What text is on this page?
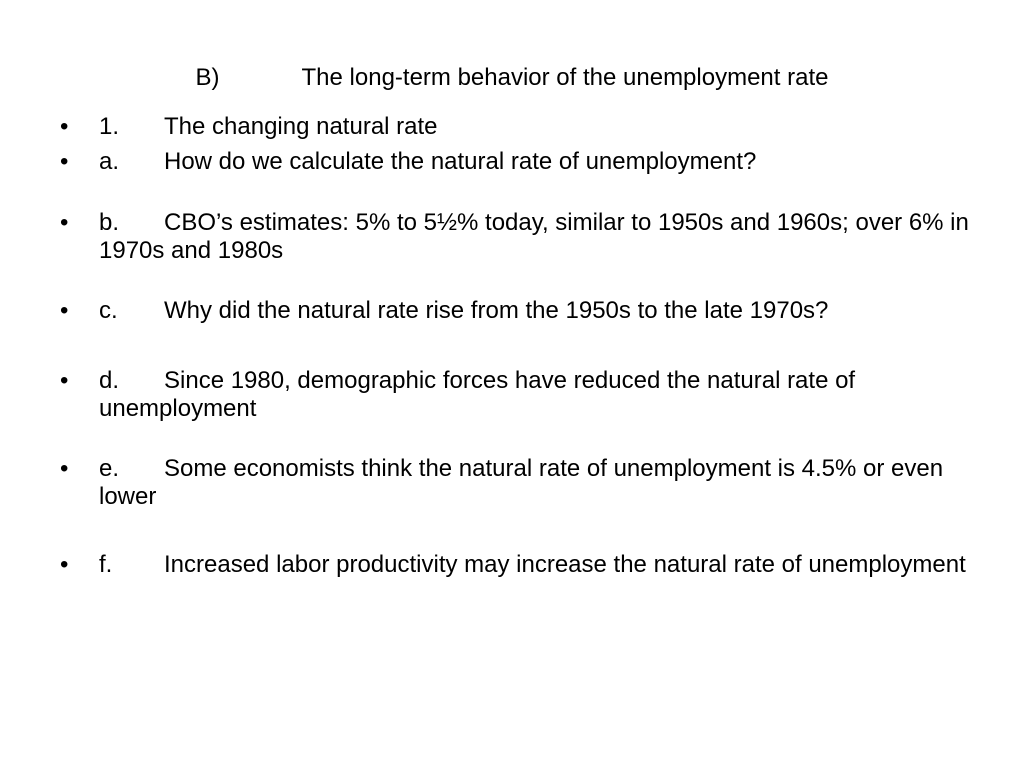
B)	The long-term behavior of the unemployment rate
• 1. The changing natural rate
• a. How do we calculate the natural rate of unemployment?
• b. CBO’s estimates: 5% to 5½% today, similar to 1950s and 1960s; over 6% in 1970s and 1980s
• c. Why did the natural rate rise from the 1950s to the late 1970s?
• d. Since 1980, demographic forces have reduced the natural rate of unemployment
• e. Some economists think the natural rate of unemployment is 4.5% or even lower
• f. Increased labor productivity may increase the natural rate of unemployment
